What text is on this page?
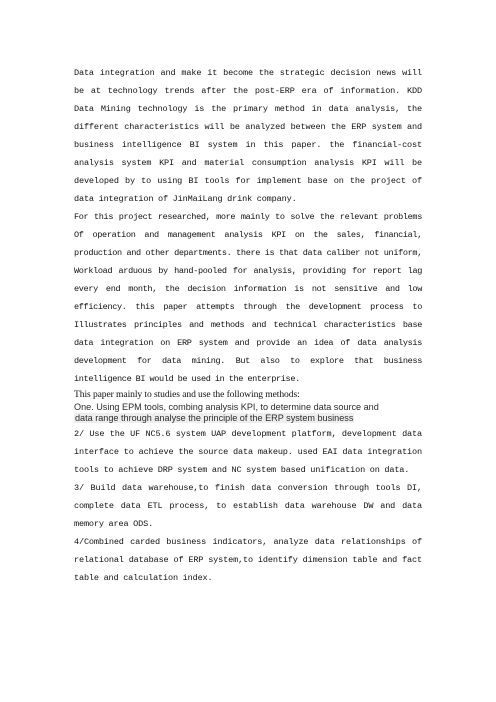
Data integration and make it become the strategic decision news will be at technology trends after the post-ERP era of information. KDD Data Mining technology is the primary method in data analysis, the different characteristics will be analyzed between the ERP system and business intelligence BI system in this paper. the financial-cost analysis system KPI and material consumption analysis KPI will be developed by to using BI tools for implement base on the project of data integration of JinMaiLang drink company.

For this project researched, more mainly to solve the relevant problems Of operation and management analysis KPI on the sales, financial, production and other departments. there is that data caliber not uniform, Workload arduous by hand-pooled for analysis, providing for report lag every end month, the decision information is not sensitive and low efficiency. this paper attempts through the development process to Illustrates principles and methods and technical characteristics base data integration on ERP system and provide an idea of data analysis development for data mining. But also to explore that business intelligence BI would be used in the enterprise.

This paper mainly to studies and use the following methods:

One. Using EPM tools, combing analysis KPI, to determine data source and
data range through analyse the principle of the ERP system business

2/ Use the UF NC5.6 system UAP development platform, development data interface to achieve the source data makeup. used EAI data integration tools to achieve DRP system and NC system based unification on data.

3/ Build data warehouse,to finish data conversion through tools DI, complete data ETL process, to establish data warehouse DW and data memory area ODS.

4/Combined carded business indicators, analyze data relationships of relational database of ERP system,to identify dimension table and fact table and calculation index.
